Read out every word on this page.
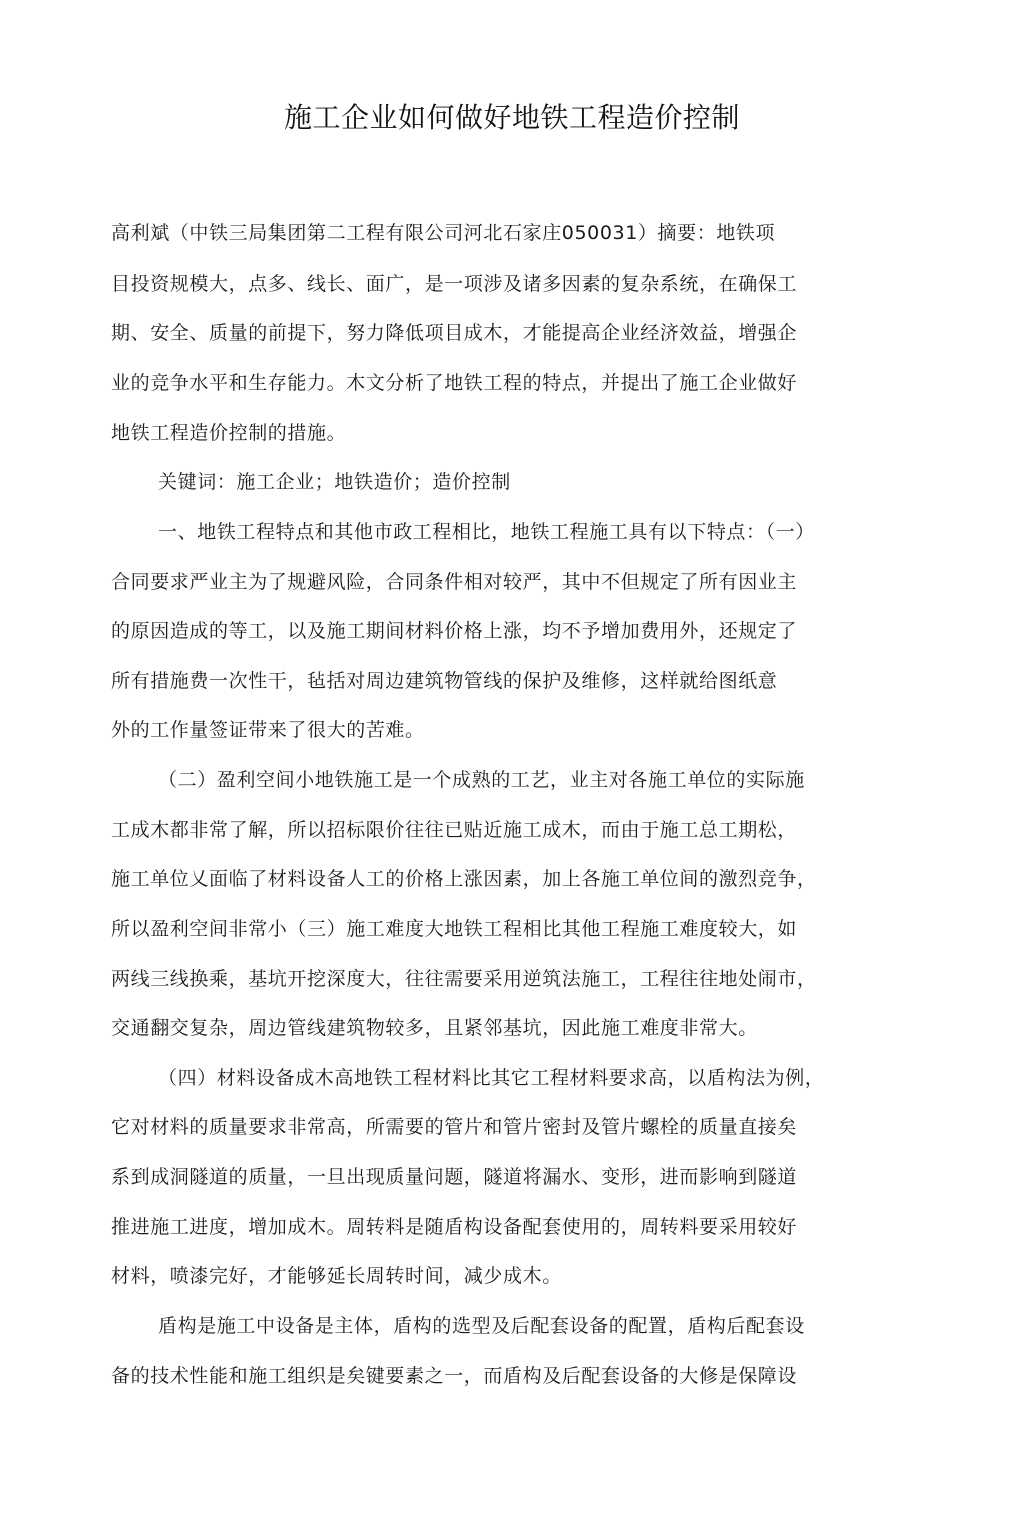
施工企业如何做好地铁工程造价控制
高利斌（中铁三局集团第二工程有限公司河北石家庄050031）摘要：地铁项
目投资规模大，点多、线长、面广，是一项涉及诸多因素的复杂系统，在确保工
期、安全、质量的前提下，努力降低项目成木，才能提高企业经济效益，增强企
业的竞争水平和生存能力。木文分析了地铁工程的特点，并提出了施工企业做好
地铁工程造价控制的措施。
关键词：施工企业；地铁造价；造价控制
一、地铁工程特点和其他市政工程相比，地铁工程施工具有以下特点：（一）
合同要求严业主为了规避风险，合同条件相对较严，其中不但规定了所有因业主
的原因造成的等工，以及施工期间材料价格上涨，均不予增加费用外，还规定了
所有措施费一次性干，毡括对周边建筑物管线的保护及维修，这样就给图纸意
外的工作量签证带来了很大的苦难。
（二）盈利空间小地铁施工是一个成熟的工艺，业主对各施工单位的实际施
工成木都非常了解，所以招标限价往往已贴近施工成木，而由于施工总工期松，
施工单位乂面临了材料设备人工的价格上涨因素，加上各施工单位间的激烈竞争，
所以盈利空间非常小（三）施工难度大地铁工程相比其他工程施工难度较大，如
两线三线换乘，基坑开挖深度大，往往需要采用逆筑法施工，工程往往地处闹市，
交通翻交复杂，周边管线建筑物较多，且紧邻基坑，因此施工难度非常大。
（四）材料设备成木高地铁工程材料比其它工程材料要求高，以盾构法为例，
它对材料的质量要求非常高，所需要的管片和管片密封及管片螺栓的质量直接矣
系到成洞隧道的质量，一旦出现质量问题，隧道将漏水、变形，进而影响到隧道
推进施工进度，增加成木。周转料是随盾构设备配套使用的，周转料要采用较好
材料，喷漆完好，才能够延长周转时间，减少成木。
盾构是施工中设备是主体，盾构的选型及后配套设备的配置，盾构后配套设
备的技术性能和施工组织是矣键要素之一，而盾构及后配套设备的大修是保障设
